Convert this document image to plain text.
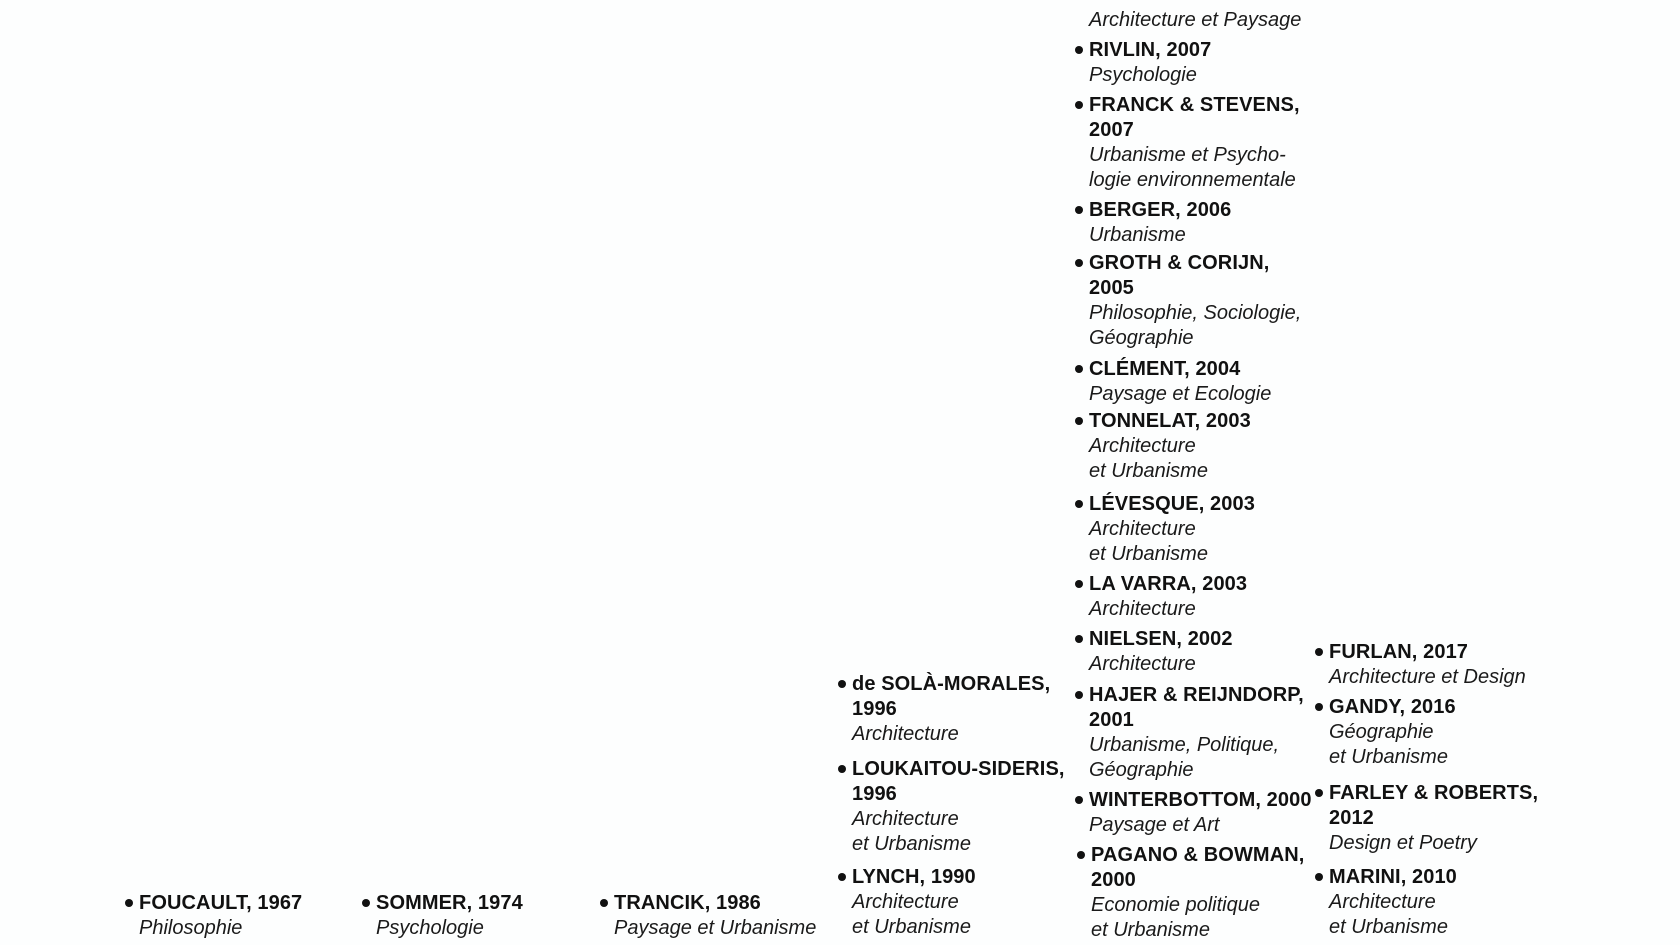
FOUCAULT, 1967
Philosophie
SOMMER, 1974
Psychologie
TRANCIK, 1986
Paysage et Urbanisme
de SOLÀ-MORALES,
1996
Architecture
LOUKAITOU-SIDERIS,
1996
Architecture
et Urbanisme
LYNCH, 1990
Architecture
et Urbanisme
Architecture et Paysage
RIVLIN, 2007
Psychologie
FRANCK & STEVENS,
2007
Urbanisme et Psycho-
logie environnementale
BERGER, 2006
Urbanisme
GROTH & CORIJN,
2005
Philosophie, Sociologie,
Géographie
CLÉMENT, 2004
Paysage et Ecologie
TONNELAT, 2003
Architecture
et Urbanisme
LÉVESQUE, 2003
Architecture
et Urbanisme
LA VARRA, 2003
Architecture
NIELSEN, 2002
Architecture
HAJER & REIJNDORP,
2001
Urbanisme, Politique,
Géographie
WINTERBOTTOM, 2000
Paysage et Art
PAGANO & BOWMAN,
2000
Economie politique
et Urbanisme
FURLAN, 2017
Architecture et Design
GANDY, 2016
Géographie
et Urbanisme
FARLEY & ROBERTS,
2012
Design et Poetry
MARINI, 2010
Architecture
et Urbanisme
